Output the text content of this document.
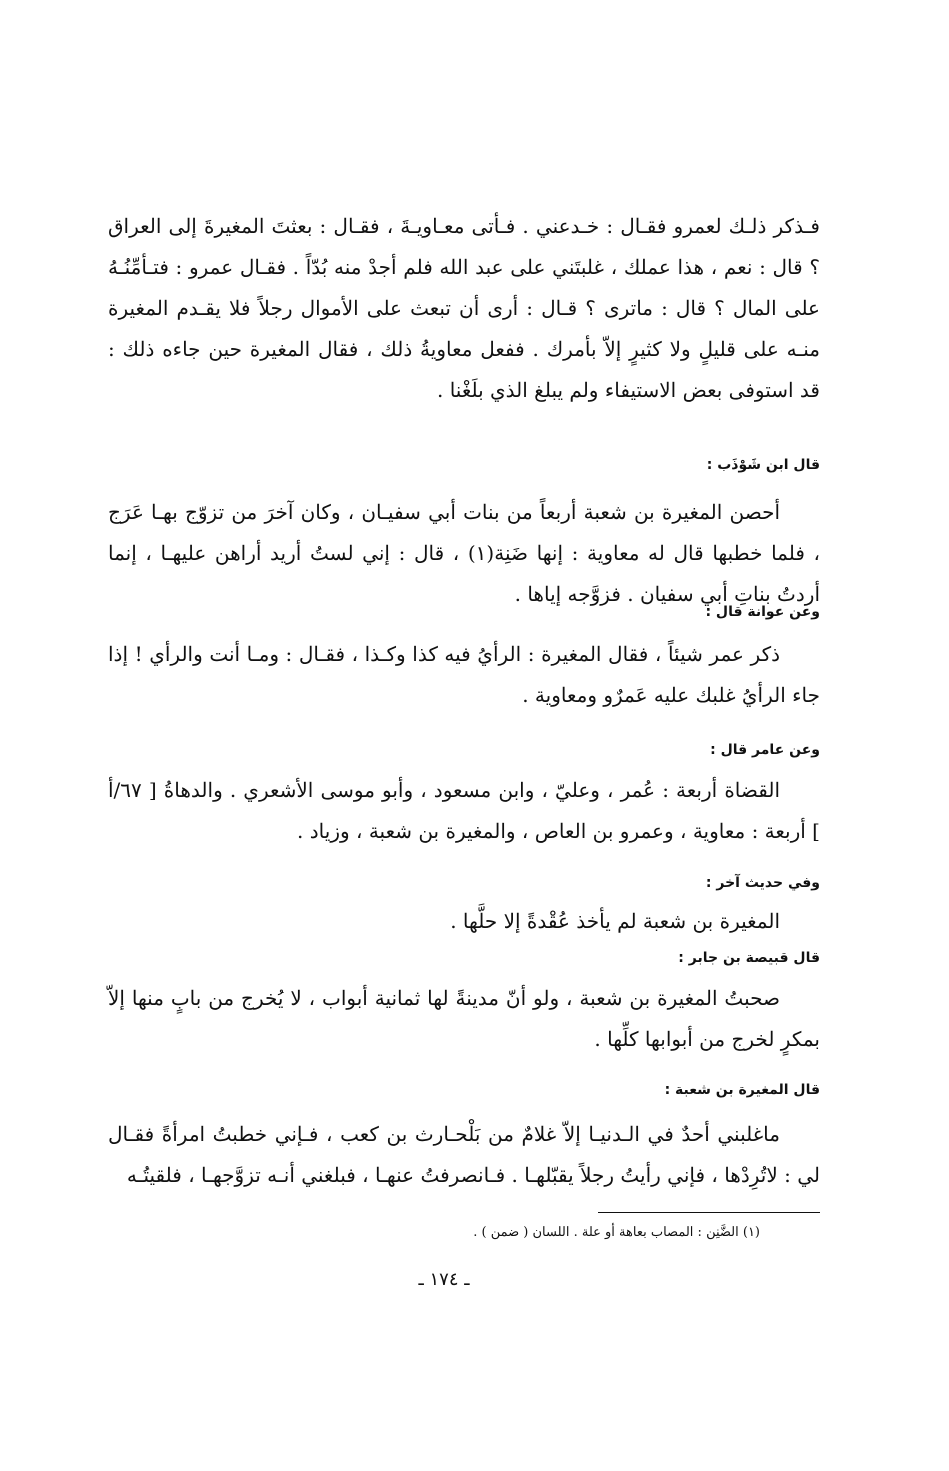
فـذكر ذلـك لعمرو فقـال : خـدعني . فـأتى معـاويـةَ ، فقـال : بعثتَ المغيرةَ إلى العراق ؟ قال : نعم ، هذا عملك ، غلبتَني على عبد الله فلم أجدْ منه بُدّاً . فقـال عمرو : فتـأمِّنُـهُ على المال ؟ قال : ماترى ؟ قـال : أرى أن تبعث على الأموال رجلاً فلا يقـدم المغيرة منـه على قليلٍ ولا كثيرٍ إلاّ بأمرك . ففعل معاويةُ ذلك ، فقال المغيرة حين جاءه ذلك : قد استوفى بعض الاستيفاء ولم يبلغ الذي بلَغْنا .

قال ابن شَوْذَب :

أحصن المغيرة بن شعبة أربعاً من بنات أبي سفيـان ، وكان آخرَ من تزوّج بهـا عَرَج ، فلما خطبها قال له معاوية : إنها ضَنِة(١) ، قال : إني لستُ أريد أراهن عليهـا ، إنما أردتُ بناتِ أبي سفيان . فزوَّجه إياها .

وعن عوانة قال :

ذكر عمر شيئاً ، فقال المغيرة : الرأيُ فيه كذا وكـذا ، فقـال : ومـا أنت والرأي ! إذا جاء الرأيُ غلبك عليه عَمرٌو ومعاوية .

وعن عامر قال :

القضاة أربعة : عُمر ، وعليّ ، وابن مسعود ، وأبو موسى الأشعري . والدهاةُ [ ٦٧/أ ] أربعة : معاوية ، وعمرو بن العاص ، والمغيرة بن شعبة ، وزياد .

وفي حديث آخر :

المغيرة بن شعبة لم يأخذ عُقْدةً إلا حلَّها .

قال قبيصة بن جابر :

صحبتُ المغيرة بن شعبة ، ولو أنّ مدينةً لها ثمانية أبواب ، لا يُخرج من بابٍ منها إلاّ بمكرٍ لخرج من أبوابها كلِّها .

قال المغيرة بن شعبة :

ماغلبني أحدٌ في الـدنيـا إلاّ غلامٌ من بَلْحـارث بن كعب ، فـإني خطبتُ امرأةً فقـال لي : لاتُرِدْها ، فإني رأيتُ رجلاً يقبّلهـا . فـانصرفتُ عنهـا ، فبلغني أنـه تزوَّجهـا ، فلقيتُـه

(١) الضَّنِن : المصاب بعاهة أو علة . اللسان ( ضمن ) .
ـ ١٧٤ ـ
